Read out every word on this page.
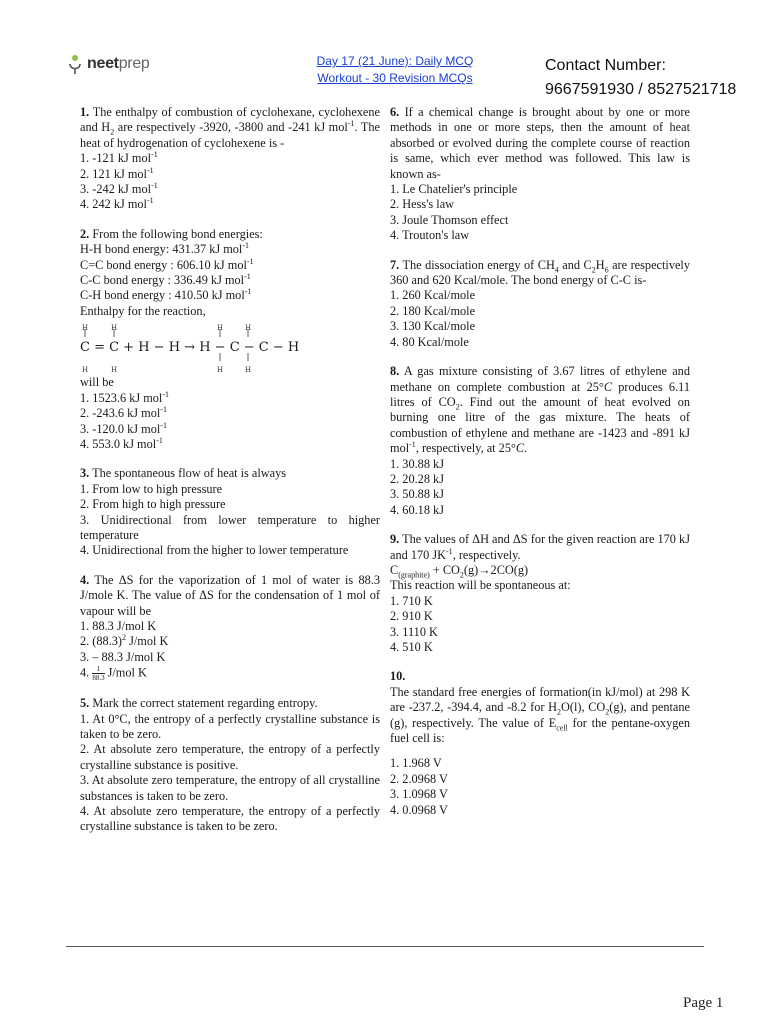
neetprep	Day 17 (21 June): Daily MCQ
Workout - 30 Revision MCQs
Contact Number:
9667591930 / 8527521718

1. The enthalpy of combustion of cyclohexane, cyclohexene and $H_2$ are respectively -3920, -3800 and -241 kJ mol$^{-1}$. The heat of hydrogenation of cyclohexene is -

1. -121 kJ mol$^{-1}$
2. 121 kJ mol$^{-1}$
3. -242 kJ mol$^{-1}$
4. 242 kJ mol$^{-1}$

2. From the following bond energies:

H-H bond energy: 431.37 kJ mol$^{-1}$
C=C bond energy : 606.10 kJ mol$^{-1}$
C-C bond energy : 336.49 kJ mol$^{-1}$
C-H bond energy : 410.50 kJ mol$^{-1}$
Enthalpy for the reaction,
H	H	H	H
C = C + H − H → H − C − C − H
H	H	H	H
will be
1. 1523.6 kJ mol$^{-1}$
2. -243.6 kJ mol$^{-1}$
3. -120.0 kJ mol$^{-1}$
4. 553.0 kJ mol$^{-1}$

3. The spontaneous flow of heat is always

1. From low to high pressure
2. From high to high pressure

3. Unidirectional from lower temperature to higher temperature

4. Unidirectional from the higher to lower temperature

4. The ΔS for the vaporization of 1 mol of water is 88.3 J/mole K. The value of ΔS for the condensation of 1 mol of vapour will be

1. 88.3 J/mol K
2. $(88.3)^2$ J/mol K
3. – 88.3 J/mol K
4. $\frac{1}{88.3} J/mol$ K

5. Mark the correct statement regarding entropy.

1. At 0°C, the entropy of a perfectly crystalline substance is taken to be zero.

2. At absolute zero temperature, the entropy of a perfectly crystalline substance is positive.

3. At absolute zero temperature, the entropy of all crystalline substances is taken to be zero.

4. At absolute zero temperature, the entropy of a perfectly crystalline substance is taken to be zero.

6. If a chemical change is brought about by one or more methods in one or more steps, then the amount of heat absorbed or evolved during the complete course of reaction is same, which ever method was followed. This law is known as-

1. Le Chatelier's principle
2. Hess's law
3. Joule Thomson effect
4. Trouton's law

7. The dissociation energy of $CH_4$ and $C_2H_6$ are respectively 360 and 620 Kcal/mole. The bond energy of C-C is-

1. 260 Kcal/mole
2. 180 Kcal/mole
3. 130 Kcal/mole
4. 80 Kcal/mole

8. A gas mixture consisting of 3.67 litres of ethylene and methane on complete combustion at 25°C produces 6.11 litres of $CO_2$. Find out the amount of heat evolved on burning one litre of the gas mixture. The heats of combustion of ethylene and methane are -1423 and -891 kJ mol$^{-1}$, respectively, at 25°C.

1. 30.88 kJ
2. 20.28 kJ
3. 50.88 kJ
4. 60.18 kJ

9. The values of ΔH and ΔS for the given reaction are 170 kJ and 170 $JK^{-1}$, respectively.

$C_{(graphite)} + CO_2(g)\to 2CO(g)$
This reaction will be spontaneous at:
1. 710 K
2. 910 K
3. 1110 K
4. 510 K
10.

The standard free energies of formation(in kJ/mol) at 298 K are -237.2, -394.4, and -8.2 for $H_2O(l)$, $CO_2(g)$, and pentane (g), respectively. The value of $E_{cell}$ for the pentane-oxygen fuel cell is:

1. 1.968 V
2. 2.0968 V
3. 1.0968 V
4. 0.0968 V
Page 1
